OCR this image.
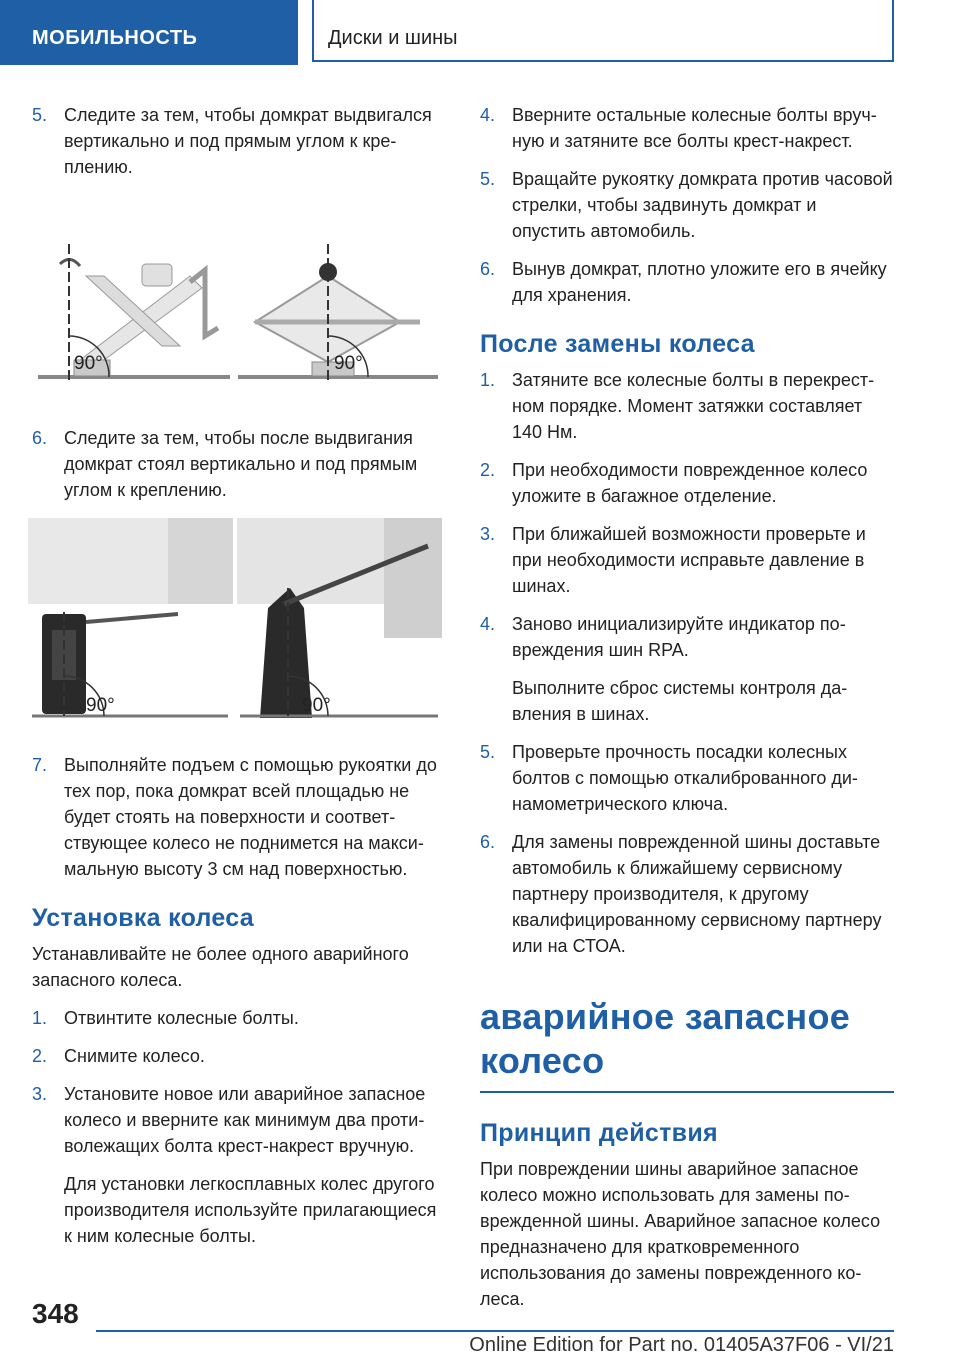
МОБИЛЬНОСТЬ	Диски и шины
5. Следите за тем, чтобы домкрат выдвигался вертикально и под прямым углом к креплению.
90°	90°
6. Следите за тем, чтобы после выдвигания домкрат стоял вертикально и под прямым углом к креплению.
90°	90°
7. Выполняйте подъем с помощью рукоятки до тех пор, пока домкрат всей площадью не будет стоять на поверхности и соответствующее колесо не поднимется на максимальную высоту 3 см над поверхностью.
Установка колеса
Устанавливайте не более одного аварийного запасного колеса.
1. Отвинтите колесные болты.
2. Снимите колесо.
3. Установите новое или аварийное запасное колесо и вверните как минимум два противолежащих болта крест-накрест вручную.
Для установки легкосплавных колес другого производителя используйте прилагающиеся к ним колесные болты.
4. Вверните остальные колесные болты вручную и затяните все болты крест-накрест.
5. Вращайте рукоятку домкрата против часовой стрелки, чтобы задвинуть домкрат и опустить автомобиль.
6. Вынув домкрат, плотно уложите его в ячейку для хранения.
После замены колеса
1. Затяните все колесные болты в перекрестном порядке. Момент затяжки составляет 140 Нм.
2. При необходимости поврежденное колесо уложите в багажное отделение.
3. При ближайшей возможности проверьте и при необходимости исправьте давление в шинах.
4. Заново инициализируйте индикатор повреждения шин RPA.
Выполните сброс системы контроля давления в шинах.
5. Проверьте прочность посадки колесных болтов с помощью откалиброванного динамометрического ключа.
6. Для замены поврежденной шины доставьте автомобиль к ближайшему сервисному партнеру производителя, к другому квалифицированному сервисному партнеру или на СТОА.
аварийное запасное колесо
Принцип действия
При повреждении шины аварийное запасное колесо можно использовать для замены поврежденной шины. Аварийное запасное колесо предназначено для кратковременного использования до замены поврежденного колеса.
348
Online Edition for Part no. 01405A37F06 - VI/21
